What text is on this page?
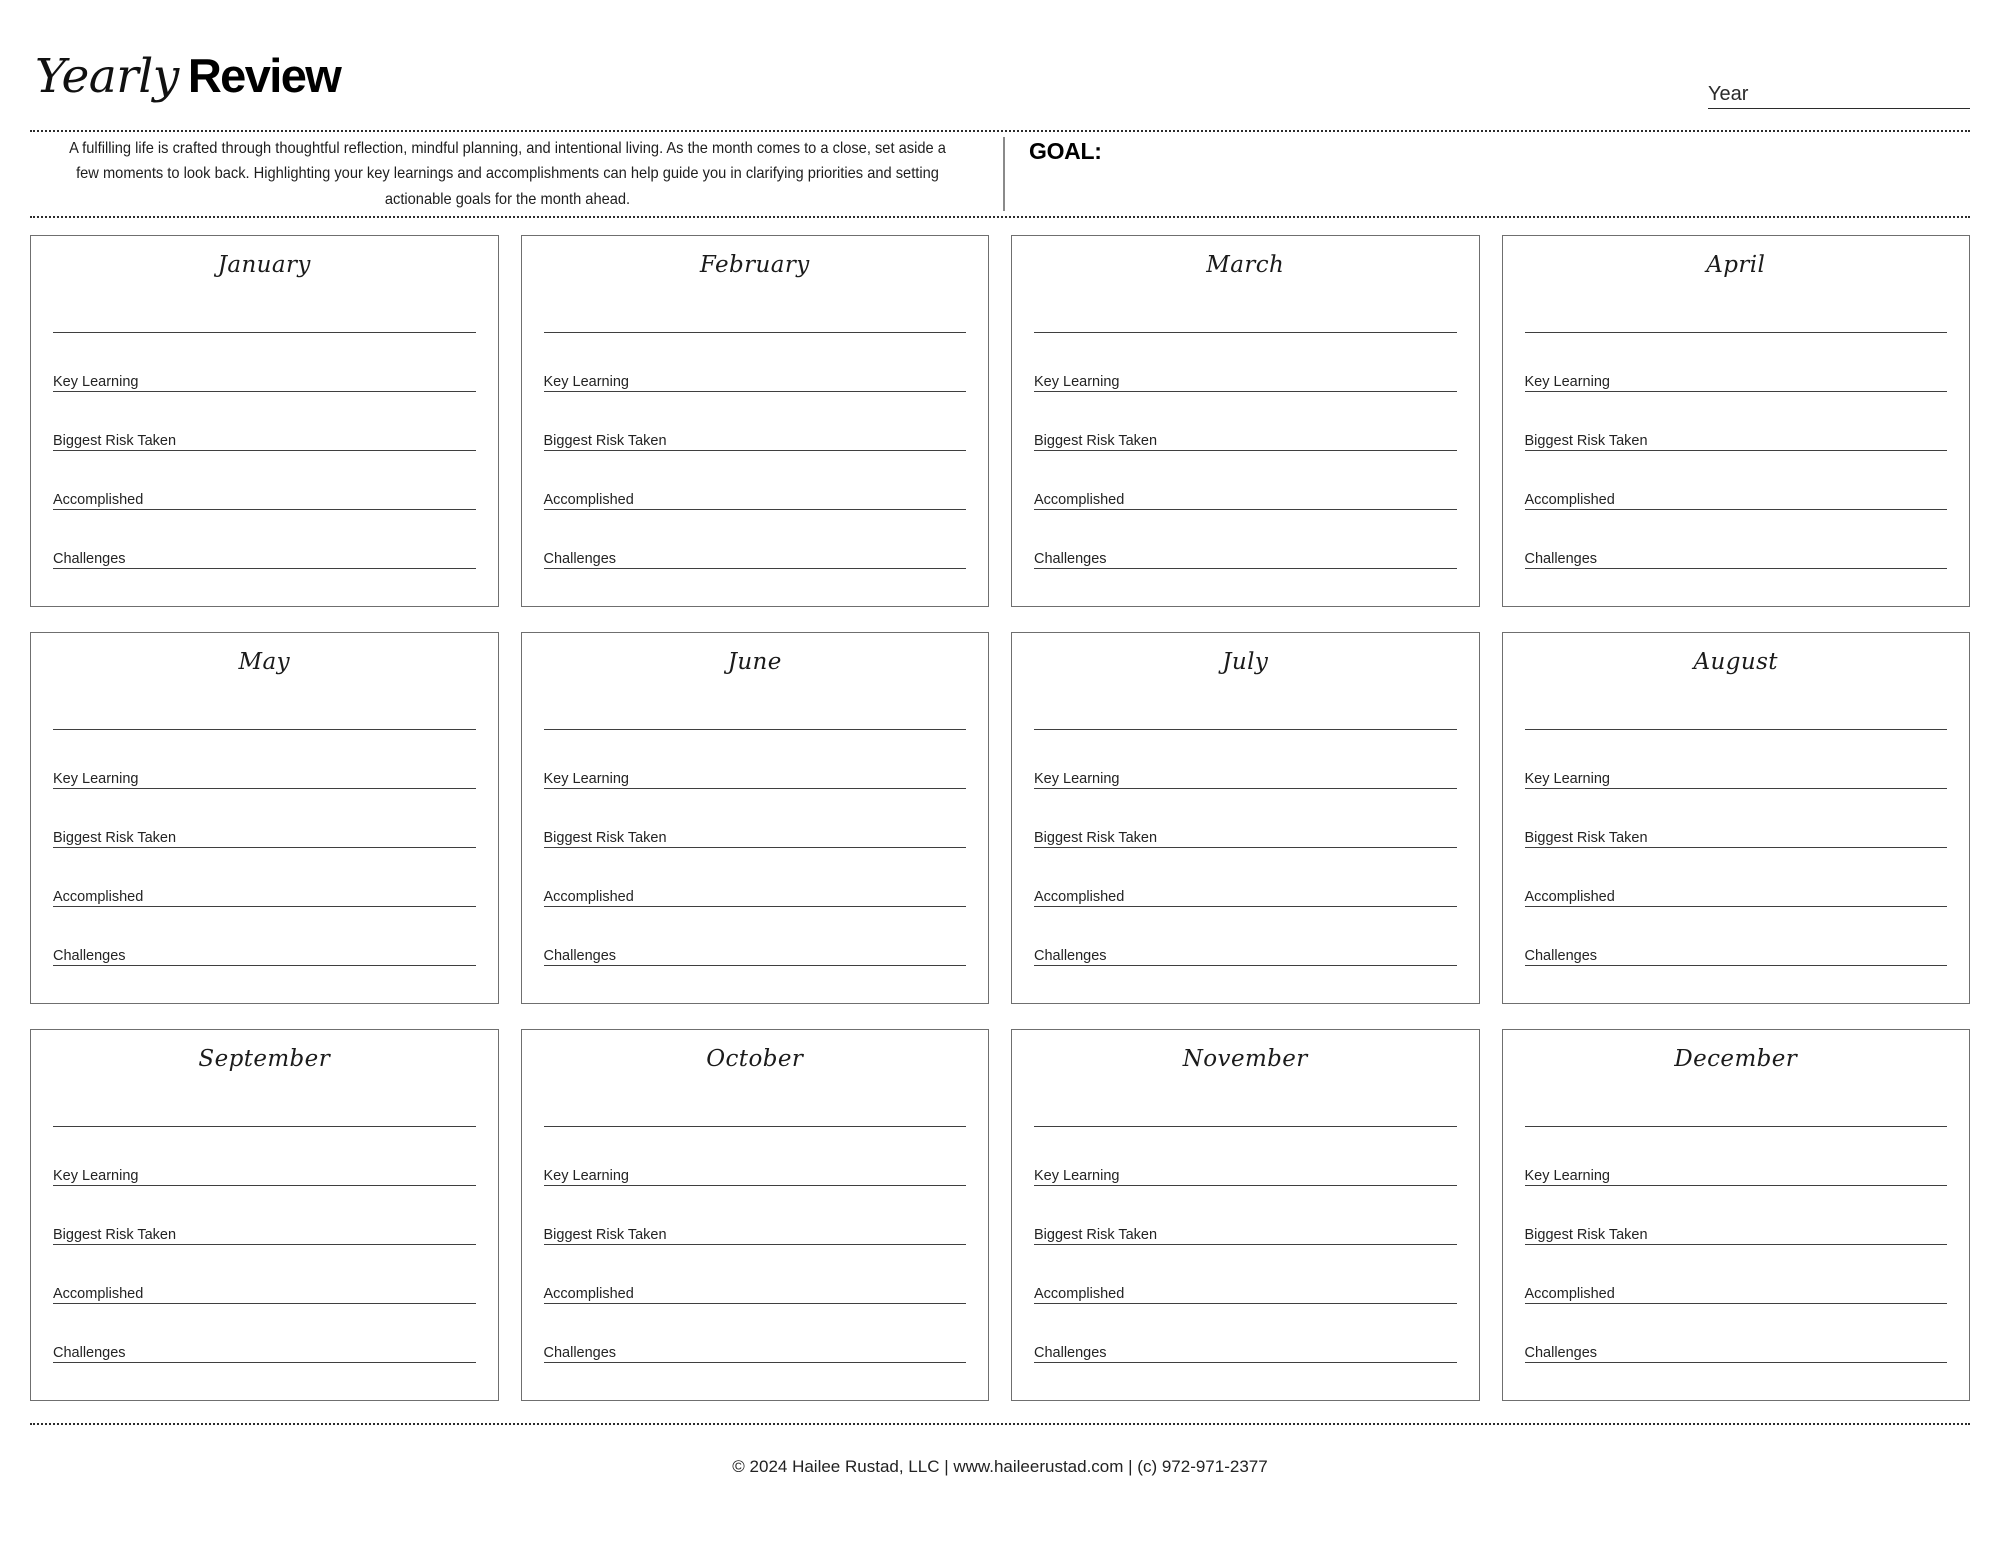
Yearly Review	Year
A fulfilling life is crafted through thoughtful reflection, mindful planning, and intentional living. As the month comes to a close, set aside a few moments to look back. Highlighting your key learnings and accomplishments can help guide you in clarifying priorities and setting actionable goals for the month ahead.
GOAL:
January
Key Learning
Biggest Risk Taken
Accomplished
Challenges
February
Key Learning
Biggest Risk Taken
Accomplished
Challenges
March
Key Learning
Biggest Risk Taken
Accomplished
Challenges
April
Key Learning
Biggest Risk Taken
Accomplished
Challenges
May
Key Learning
Biggest Risk Taken
Accomplished
Challenges
June
Key Learning
Biggest Risk Taken
Accomplished
Challenges
July
Key Learning
Biggest Risk Taken
Accomplished
Challenges
August
Key Learning
Biggest Risk Taken
Accomplished
Challenges
September
Key Learning
Biggest Risk Taken
Accomplished
Challenges
October
Key Learning
Biggest Risk Taken
Accomplished
Challenges
November
Key Learning
Biggest Risk Taken
Accomplished
Challenges
December
Key Learning
Biggest Risk Taken
Accomplished
Challenges
© 2024 Hailee Rustad, LLC | www.haileerustad.com | (c) 972-971-2377
